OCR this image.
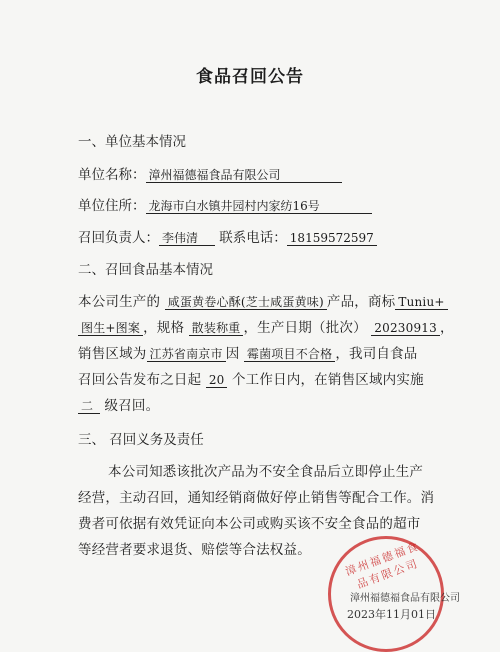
食品召回公告
一、单位基本情况
单位名称： 漳州福德福食品有限公司
单位住所： 龙海市白水镇井园村内家纺16号
召回负责人： 李伟清 联系电话： 18159572597
二、召回食品基本情况
本公司生产的 咸蛋黄卷心酥(芝士咸蛋黄味) 产品，商标 Tuniu+
图生+图案 ，规格 散装称重 ，生产日期（批次） 20230913 ，
销售区域为 江苏省南京市 因 霉菌项目不合格 ，我司自食品
召回公告发布之日起 20 个工作日内，在销售区域内实施
二 级召回。
三、 召回义务及责任
本公司知悉该批次产品为不安全食品后立即停止生产
经营，主动召回，通知经销商做好停止销售等配合工作。消
费者可依据有效凭证向本公司或购买该不安全食品的超市
等经营者要求退货、赔偿等合法权益。	漳州福德福食品有限公司
漳州福德福食品有限公司
2023年11月01日
